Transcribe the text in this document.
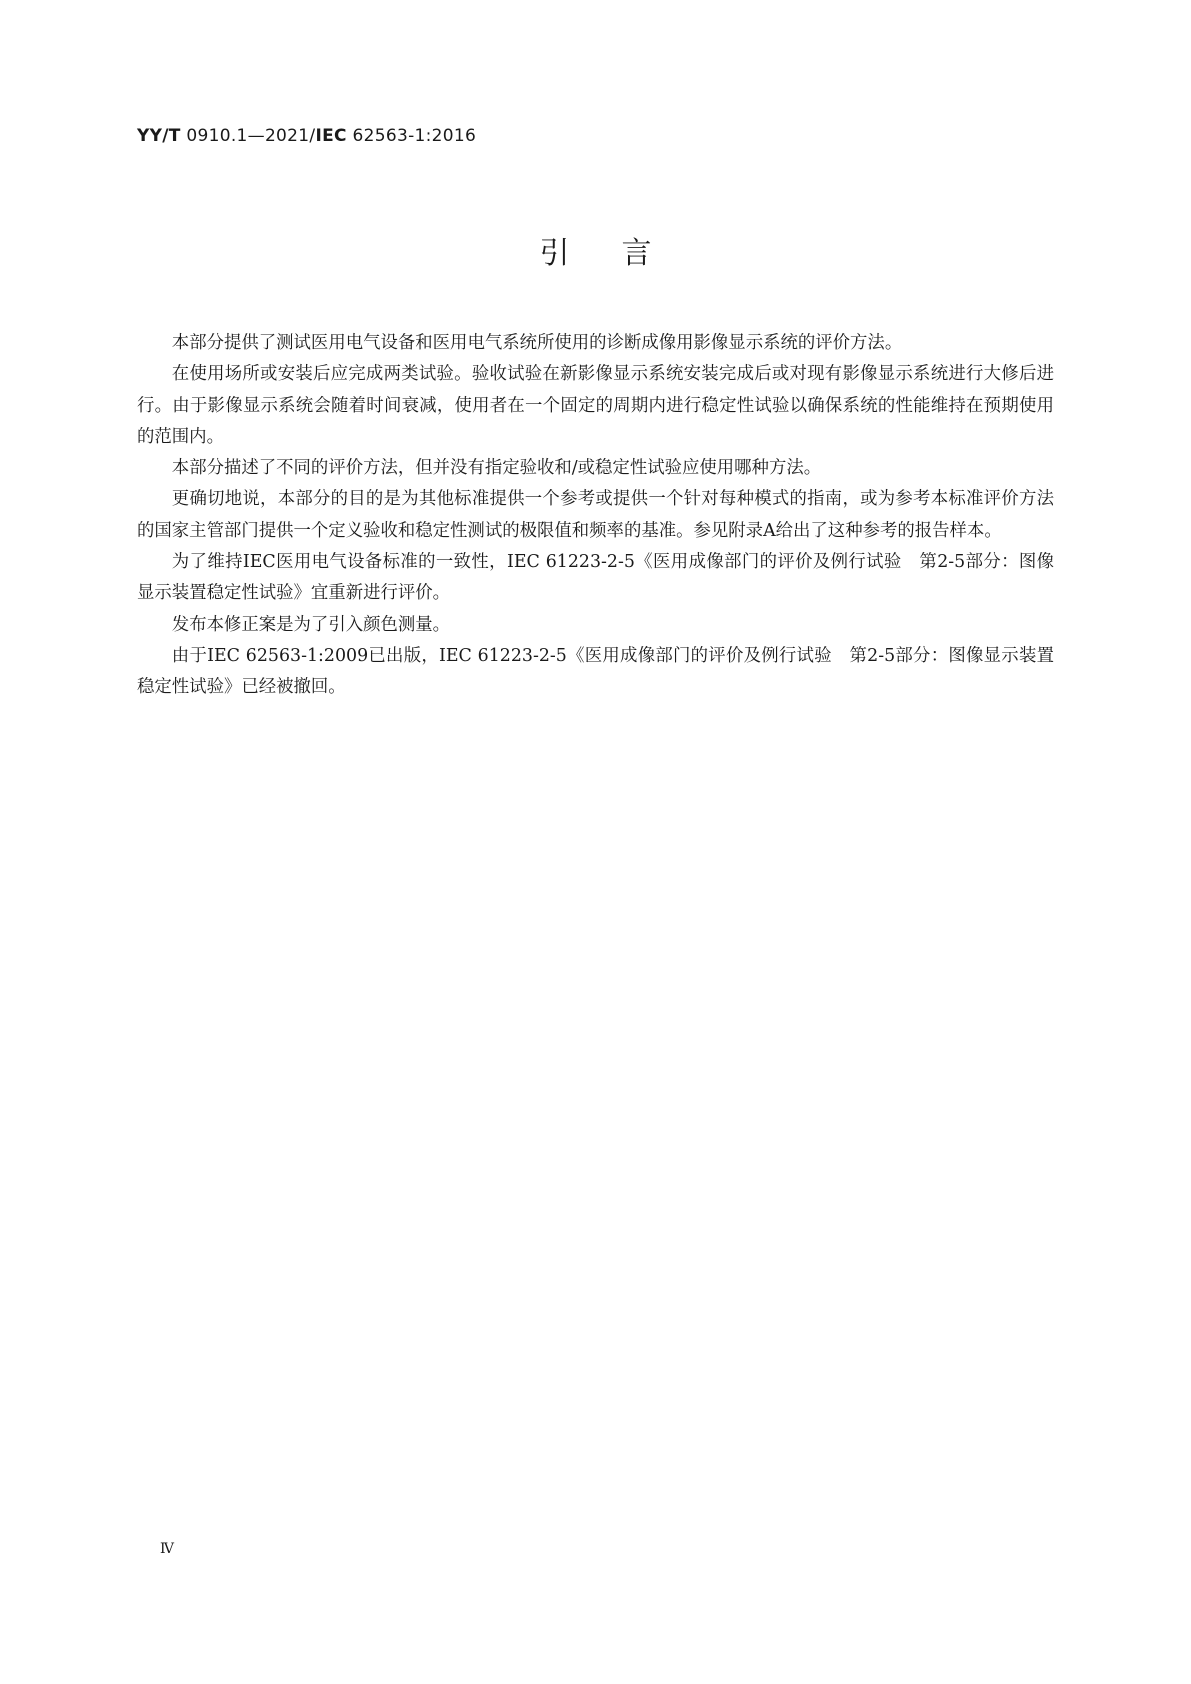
YY/T 0910.1—2021/IEC 62563-1:2016
引言

本部分提供了测试医用电气设备和医用电气系统所使用的诊断成像用影像显示系统的评价方法。

在使用场所或安装后应完成两类试验。验收试验在新影像显示系统安装完成后或对现有影像显示系统进行大修后进行。由于影像显示系统会随着时间衰减，使用者在一个固定的周期内进行稳定性试验以确保系统的性能维持在预期使用的范围内。

本部分描述了不同的评价方法，但并没有指定验收和/或稳定性试验应使用哪种方法。

更确切地说，本部分的目的是为其他标准提供一个参考或提供一个针对每种模式的指南，或为参考本标准评价方法的国家主管部门提供一个定义验收和稳定性测试的极限值和频率的基准。参见附录A给出了这种参考的报告样本。

为了维持IEC医用电气设备标准的一致性，IEC 61223-2-5《医用成像部门的评价及例行试验　第2-5部分：图像显示装置稳定性试验》宜重新进行评价。

发布本修正案是为了引入颜色测量。

由于IEC 62563-1:2009已出版，IEC 61223-2-5《医用成像部门的评价及例行试验　第2-5部分：图像显示装置稳定性试验》已经被撤回。

Ⅳ
